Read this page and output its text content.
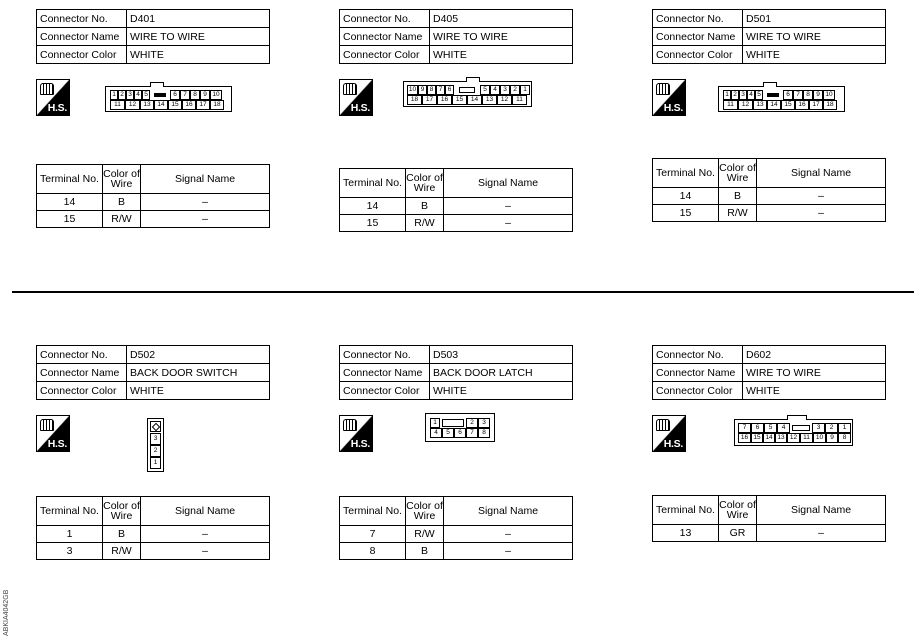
Connector No.	D401
Connector Name	WIRE TO WIRE
Connector Color	WHITE
H.S.
1 2 3 4 5	6 7 8 9 10
11	12	13	14	15	16	17	18
Terminal No.	Color of Wire	Signal Name
14	B	–
15	R/W	–
Connector No.	D405
Connector Name	WIRE TO WIRE
Connector Color	WHITE
H.S.
10 9 8 7 6	5 4 3 2 1
18	17	16	15	14	13	12	11
Terminal No.	Color of Wire	Signal Name
14	B	–
15	R/W	–
Connector No.	D501
Connector Name	WIRE TO WIRE
Connector Color	WHITE
H.S.
1 2 3 4 5	6 7 8 9 10
11	12	13	14	15	16	17	18
Terminal No.	Color of Wire	Signal Name
14	B	–
15	R/W	–
Connector No.	D502
Connector Name	BACK DOOR SWITCH
Connector Color	WHITE
H.S.	3
2
1
Terminal No.	Color of Wire	Signal Name
1	B	–
3	R/W	–
Connector No.	D503
Connector Name	BACK DOOR LATCH
Connector Color	WHITE
H.S.
1	2	3
4	5	6	7	8
Terminal No.	Color of Wire	Signal Name
7	R/W	–
8	B	–
Connector No.	D602
Connector Name	WIRE TO WIRE
Connector Color	WHITE
H.S.
7	6	5	4	3	2	1
16 15 14 13 12 11 10	9	8
Terminal No.	Color of Wire	Signal Name
13	GR	–
ABKIA4042GB
